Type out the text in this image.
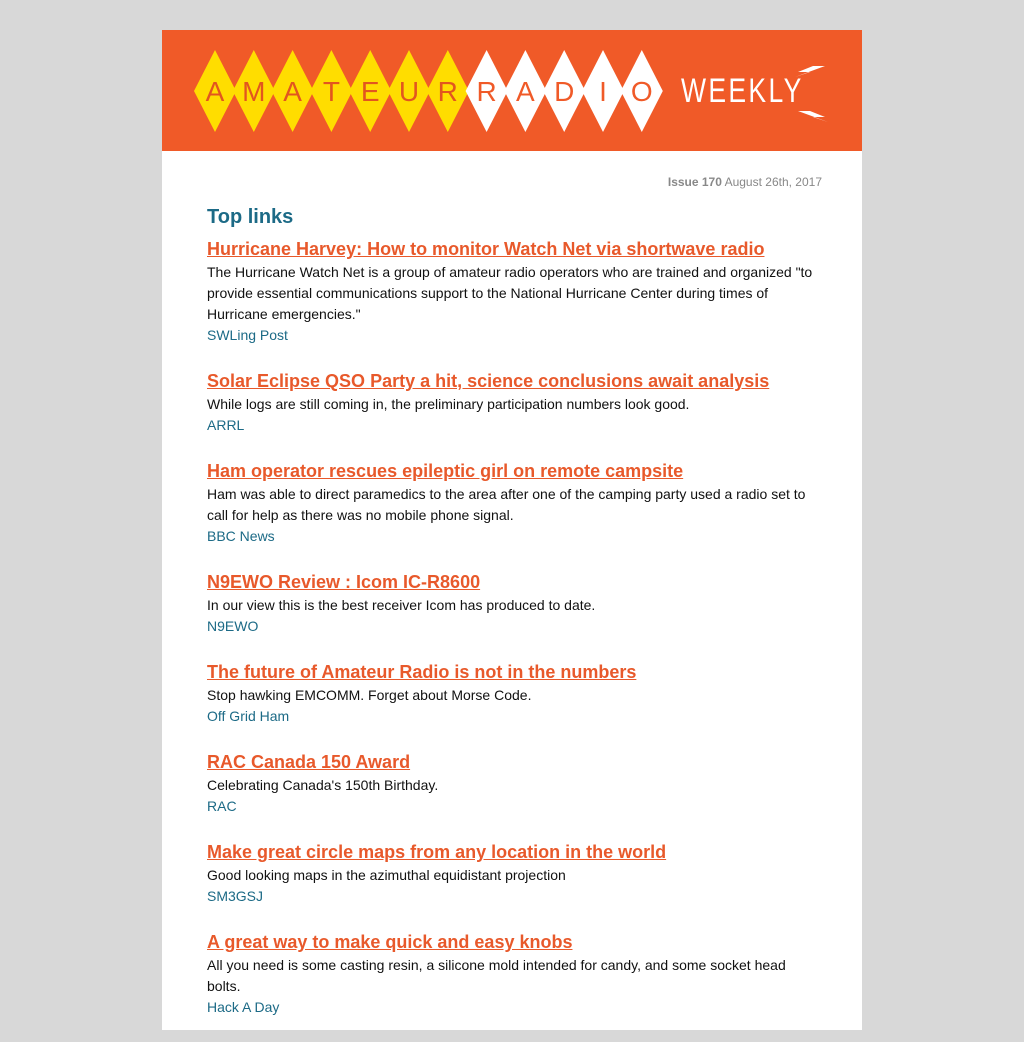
A M A T E U R R A D I O WEEKLY
Issue 170 August 26th, 2017
Top links
Hurricane Harvey: How to monitor Watch Net via shortwave radio
The Hurricane Watch Net is a group of amateur radio operators who are trained and organized "to provide essential communications support to the National Hurricane Center during times of Hurricane emergencies."
SWLing Post
Solar Eclipse QSO Party a hit, science conclusions await analysis
While logs are still coming in, the preliminary participation numbers look good.
ARRL
Ham operator rescues epileptic girl on remote campsite
Ham was able to direct paramedics to the area after one of the camping party used a radio set to call for help as there was no mobile phone signal.
BBC News
N9EWO Review : Icom IC-R8600
In our view this is the best receiver Icom has produced to date.
N9EWO
The future of Amateur Radio is not in the numbers
Stop hawking EMCOMM. Forget about Morse Code.
Off Grid Ham
RAC Canada 150 Award
Celebrating Canada's 150th Birthday.
RAC
Make great circle maps from any location in the world
Good looking maps in the azimuthal equidistant projection
SM3GSJ
A great way to make quick and easy knobs
All you need is some casting resin, a silicone mold intended for candy, and some socket head bolts.
Hack A Day
